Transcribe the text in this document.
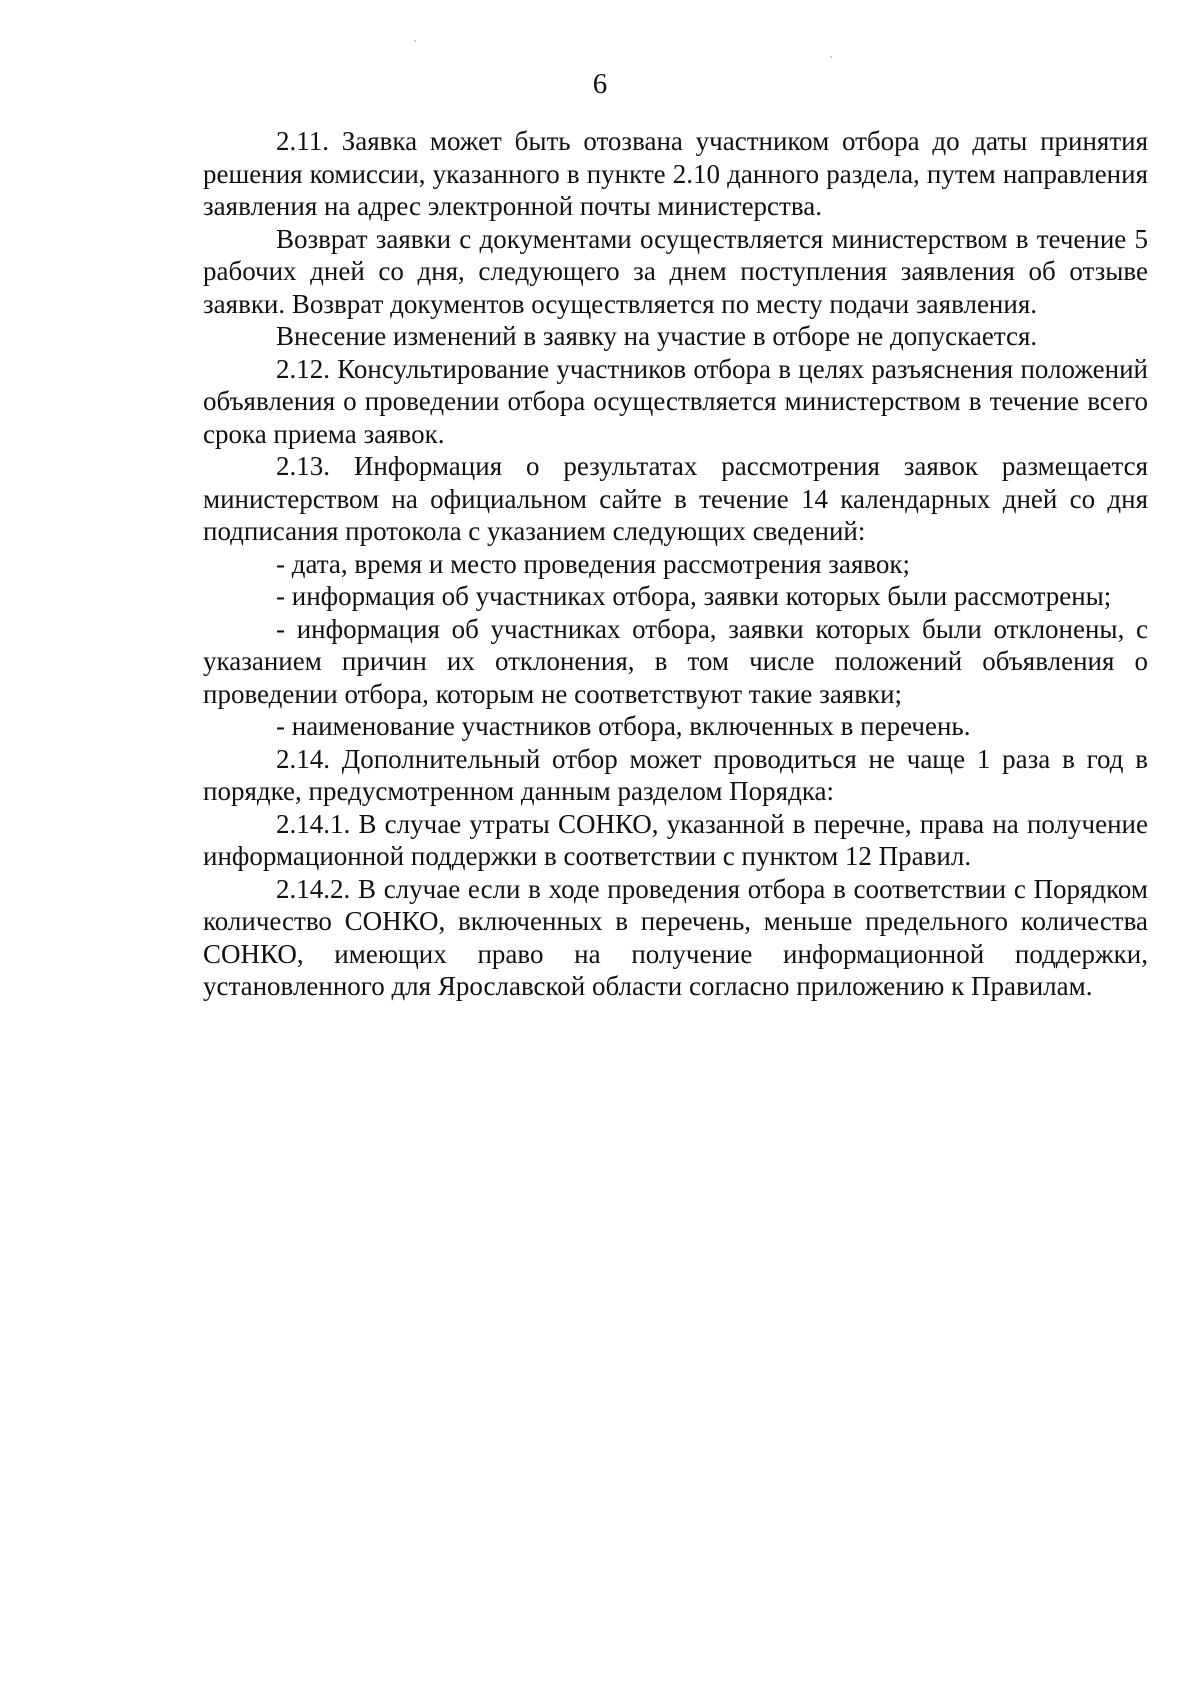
6

2.11. Заявка может быть отозвана участником отбора до даты принятия решения комиссии, указанного в пункте 2.10 данного раздела, путем направления заявления на адрес электронной почты министерства.

Возврат заявки с документами осуществляется министерством в течение 5 рабочих дней со дня, следующего за днем поступления заявления об отзыве заявки. Возврат документов осуществляется по месту подачи заявления.

Внесение изменений в заявку на участие в отборе не допускается.

2.12. Консультирование участников отбора в целях разъяснения положений объявления о проведении отбора осуществляется министерством в течение всего срока приема заявок.

2.13. Информация о результатах рассмотрения заявок размещается министерством на официальном сайте в течение 14 календарных дней со дня подписания протокола с указанием следующих сведений:

- дата, время и место проведения рассмотрения заявок;

- информация об участниках отбора, заявки которых были рассмотрены;

- информация об участниках отбора, заявки которых были отклонены, с указанием причин их отклонения, в том числе положений объявления о проведении отбора, которым не соответствуют такие заявки;

- наименование участников отбора, включенных в перечень.

2.14. Дополнительный отбор может проводиться не чаще 1 раза в год в порядке, предусмотренном данным разделом Порядка:

2.14.1. В случае утраты СОНКО, указанной в перечне, права на получение информационной поддержки в соответствии с пунктом 12 Правил.

2.14.2. В случае если в ходе проведения отбора в соответствии с Порядком количество СОНКО, включенных в перечень, меньше предельного количества СОНКО, имеющих право на получение информационной поддержки, установленного для Ярославской области согласно приложению к Правилам.
